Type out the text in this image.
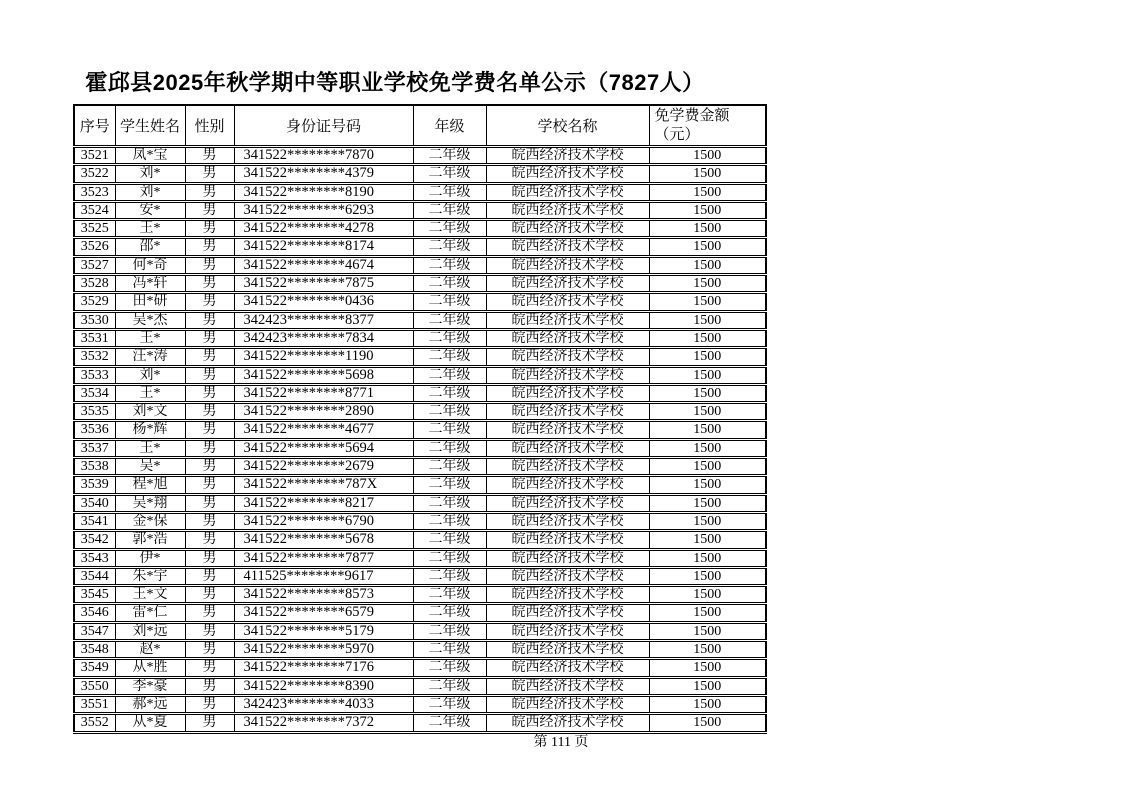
霍邱县2025年秋学期中等职业学校免学费名单公示（7827人）
序号	学生姓名	性别	身份证号码	年级	学校名称	免学费金额
（元）

3521	凤*宝	男	341522********7870	二年级	皖西经济技术学校	1500
3522	刘*	男	341522********4379	二年级	皖西经济技术学校	1500
3523	刘*	男	341522********8190	二年级	皖西经济技术学校	1500
3524	安*	男	341522********6293	二年级	皖西经济技术学校	1500
3525	王*	男	341522********4278	二年级	皖西经济技术学校	1500
3526	邵*	男	341522********8174	二年级	皖西经济技术学校	1500
3527	何*奇	男	341522********4674	二年级	皖西经济技术学校	1500
3528	冯*轩	男	341522********7875	二年级	皖西经济技术学校	1500
3529	田*研	男	341522********0436	二年级	皖西经济技术学校	1500
3530	吴*杰	男	342423********8377	二年级	皖西经济技术学校	1500
3531	王*	男	342423********7834	二年级	皖西经济技术学校	1500
3532	汪*涛	男	341522********1190	二年级	皖西经济技术学校	1500
3533	刘*	男	341522********5698	二年级	皖西经济技术学校	1500
3534	王*	男	341522********8771	二年级	皖西经济技术学校	1500
3535	刘*文	男	341522********2890	二年级	皖西经济技术学校	1500
3536	杨*辉	男	341522********4677	二年级	皖西经济技术学校	1500
3537	王*	男	341522********5694	二年级	皖西经济技术学校	1500
3538	吴*	男	341522********2679	二年级	皖西经济技术学校	1500
3539	程*旭	男	341522********787X	二年级	皖西经济技术学校	1500
3540	吴*翔	男	341522********8217	二年级	皖西经济技术学校	1500
3541	金*保	男	341522********6790	二年级	皖西经济技术学校	1500
3542	郭*浩	男	341522********5678	二年级	皖西经济技术学校	1500
3543	伊*	男	341522********7877	二年级	皖西经济技术学校	1500
3544	朱*宇	男	411525********9617	二年级	皖西经济技术学校	1500
3545	王*文	男	341522********8573	二年级	皖西经济技术学校	1500
3546	雷*仁	男	341522********6579	二年级	皖西经济技术学校	1500
3547	刘*远	男	341522********5179	二年级	皖西经济技术学校	1500
3548	赵*	男	341522********5970	二年级	皖西经济技术学校	1500
3549	从*胜	男	341522********7176	二年级	皖西经济技术学校	1500
3550	李*豪	男	341522********8390	二年级	皖西经济技术学校	1500
3551	郝*远	男	342423********4033	二年级	皖西经济技术学校	1500
3552	从*夏	男	341522********7372	二年级	皖西经济技术学校	1500
第 111 页
